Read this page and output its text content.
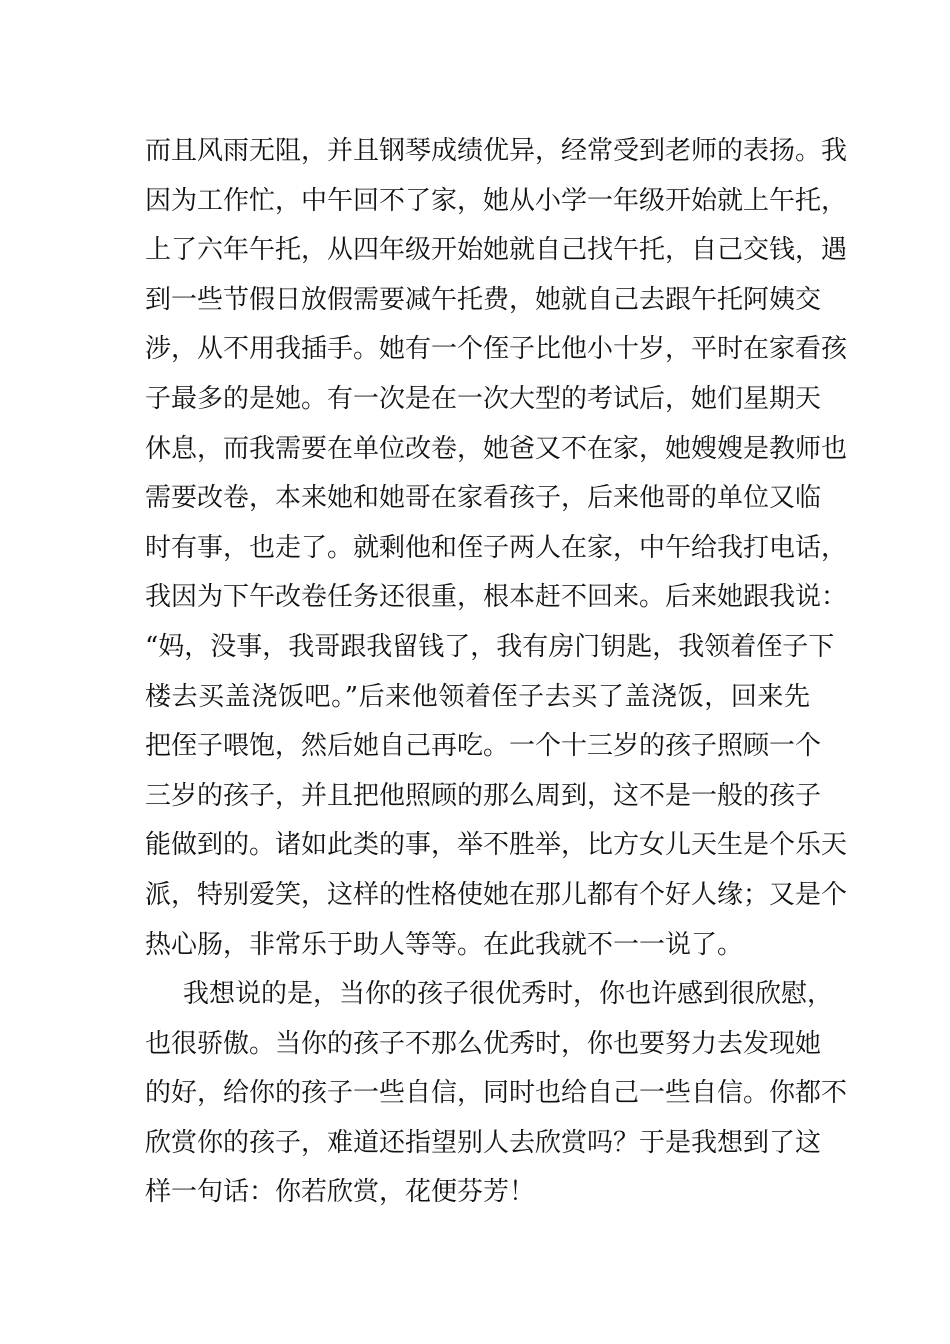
而且风雨无阻，并且钢琴成绩优异，经常受到老师的表扬。我
因为工作忙，中午回不了家，她从小学一年级开始就上午托，
上了六年午托，从四年级开始她就自己找午托，自己交钱，遇
到一些节假日放假需要减午托费，她就自己去跟午托阿姨交
涉，从不用我插手。她有一个侄子比他小十岁，平时在家看孩
子最多的是她。有一次是在一次大型的考试后，她们星期天
休息，而我需要在单位改卷，她爸又不在家，她嫂嫂是教师也
需要改卷，本来她和她哥在家看孩子，后来他哥的单位又临
时有事，也走了。就剩他和侄子两人在家，中午给我打电话，
我因为下午改卷任务还很重，根本赶不回来。后来她跟我说：
“妈，没事，我哥跟我留钱了，我有房门钥匙，我领着侄子下
楼去买盖浇饭吧。”后来他领着侄子去买了盖浇饭，回来先
把侄子喂饱，然后她自己再吃。一个十三岁的孩子照顾一个
三岁的孩子，并且把他照顾的那么周到，这不是一般的孩子
能做到的。诸如此类的事，举不胜举，比方女儿天生是个乐天
派，特别爱笑，这样的性格使她在那儿都有个好人缘；又是个
热心肠，非常乐于助人等等。在此我就不一一说了。
我想说的是，当你的孩子很优秀时，你也许感到很欣慰，
也很骄傲。当你的孩子不那么优秀时，你也要努力去发现她
的好，给你的孩子一些自信，同时也给自己一些自信。你都不
欣赏你的孩子，难道还指望别人去欣赏吗？于是我想到了这
样一句话：你若欣赏，花便芬芳！
